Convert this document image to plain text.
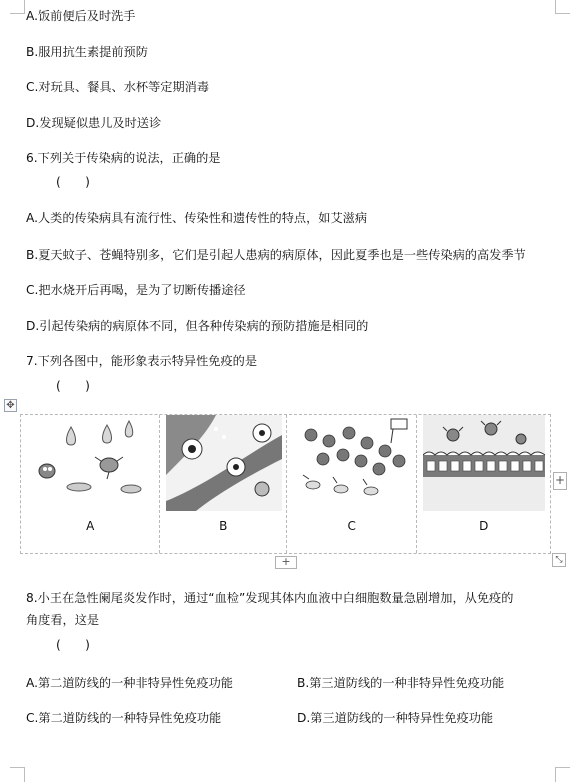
A.饭前便后及时洗手
B.服用抗生素提前预防
C.对玩具、餐具、水杯等定期消毒
D.发现疑似患儿及时送诊
6.下列关于传染病的说法，正确的是
(　　)
A.人类的传染病具有流行性、传染性和遗传性的特点，如艾滋病
B.夏天蚊子、苍蝇特别多，它们是引起人患病的病原体，因此夏季也是一些传染病的高发季节
C.把水烧开后再喝，是为了切断传播途径
D.引起传染病的病原体不同，但各种传染病的预防措施是相同的
7.下列各图中，能形象表示特异性免疫的是
(　　)
✥
A	B	C	D
+
+	⤡
8.小王在急性阑尾炎发作时，通过“血检”发现其体内血液中白细胞数量急剧增加，从免疫的
角度看，这是
(　　)
A.第二道防线的一种非特异性免疫功能	B.第三道防线的一种非特异性免疫功能
C.第二道防线的一种特异性免疫功能	D.第三道防线的一种特异性免疫功能
